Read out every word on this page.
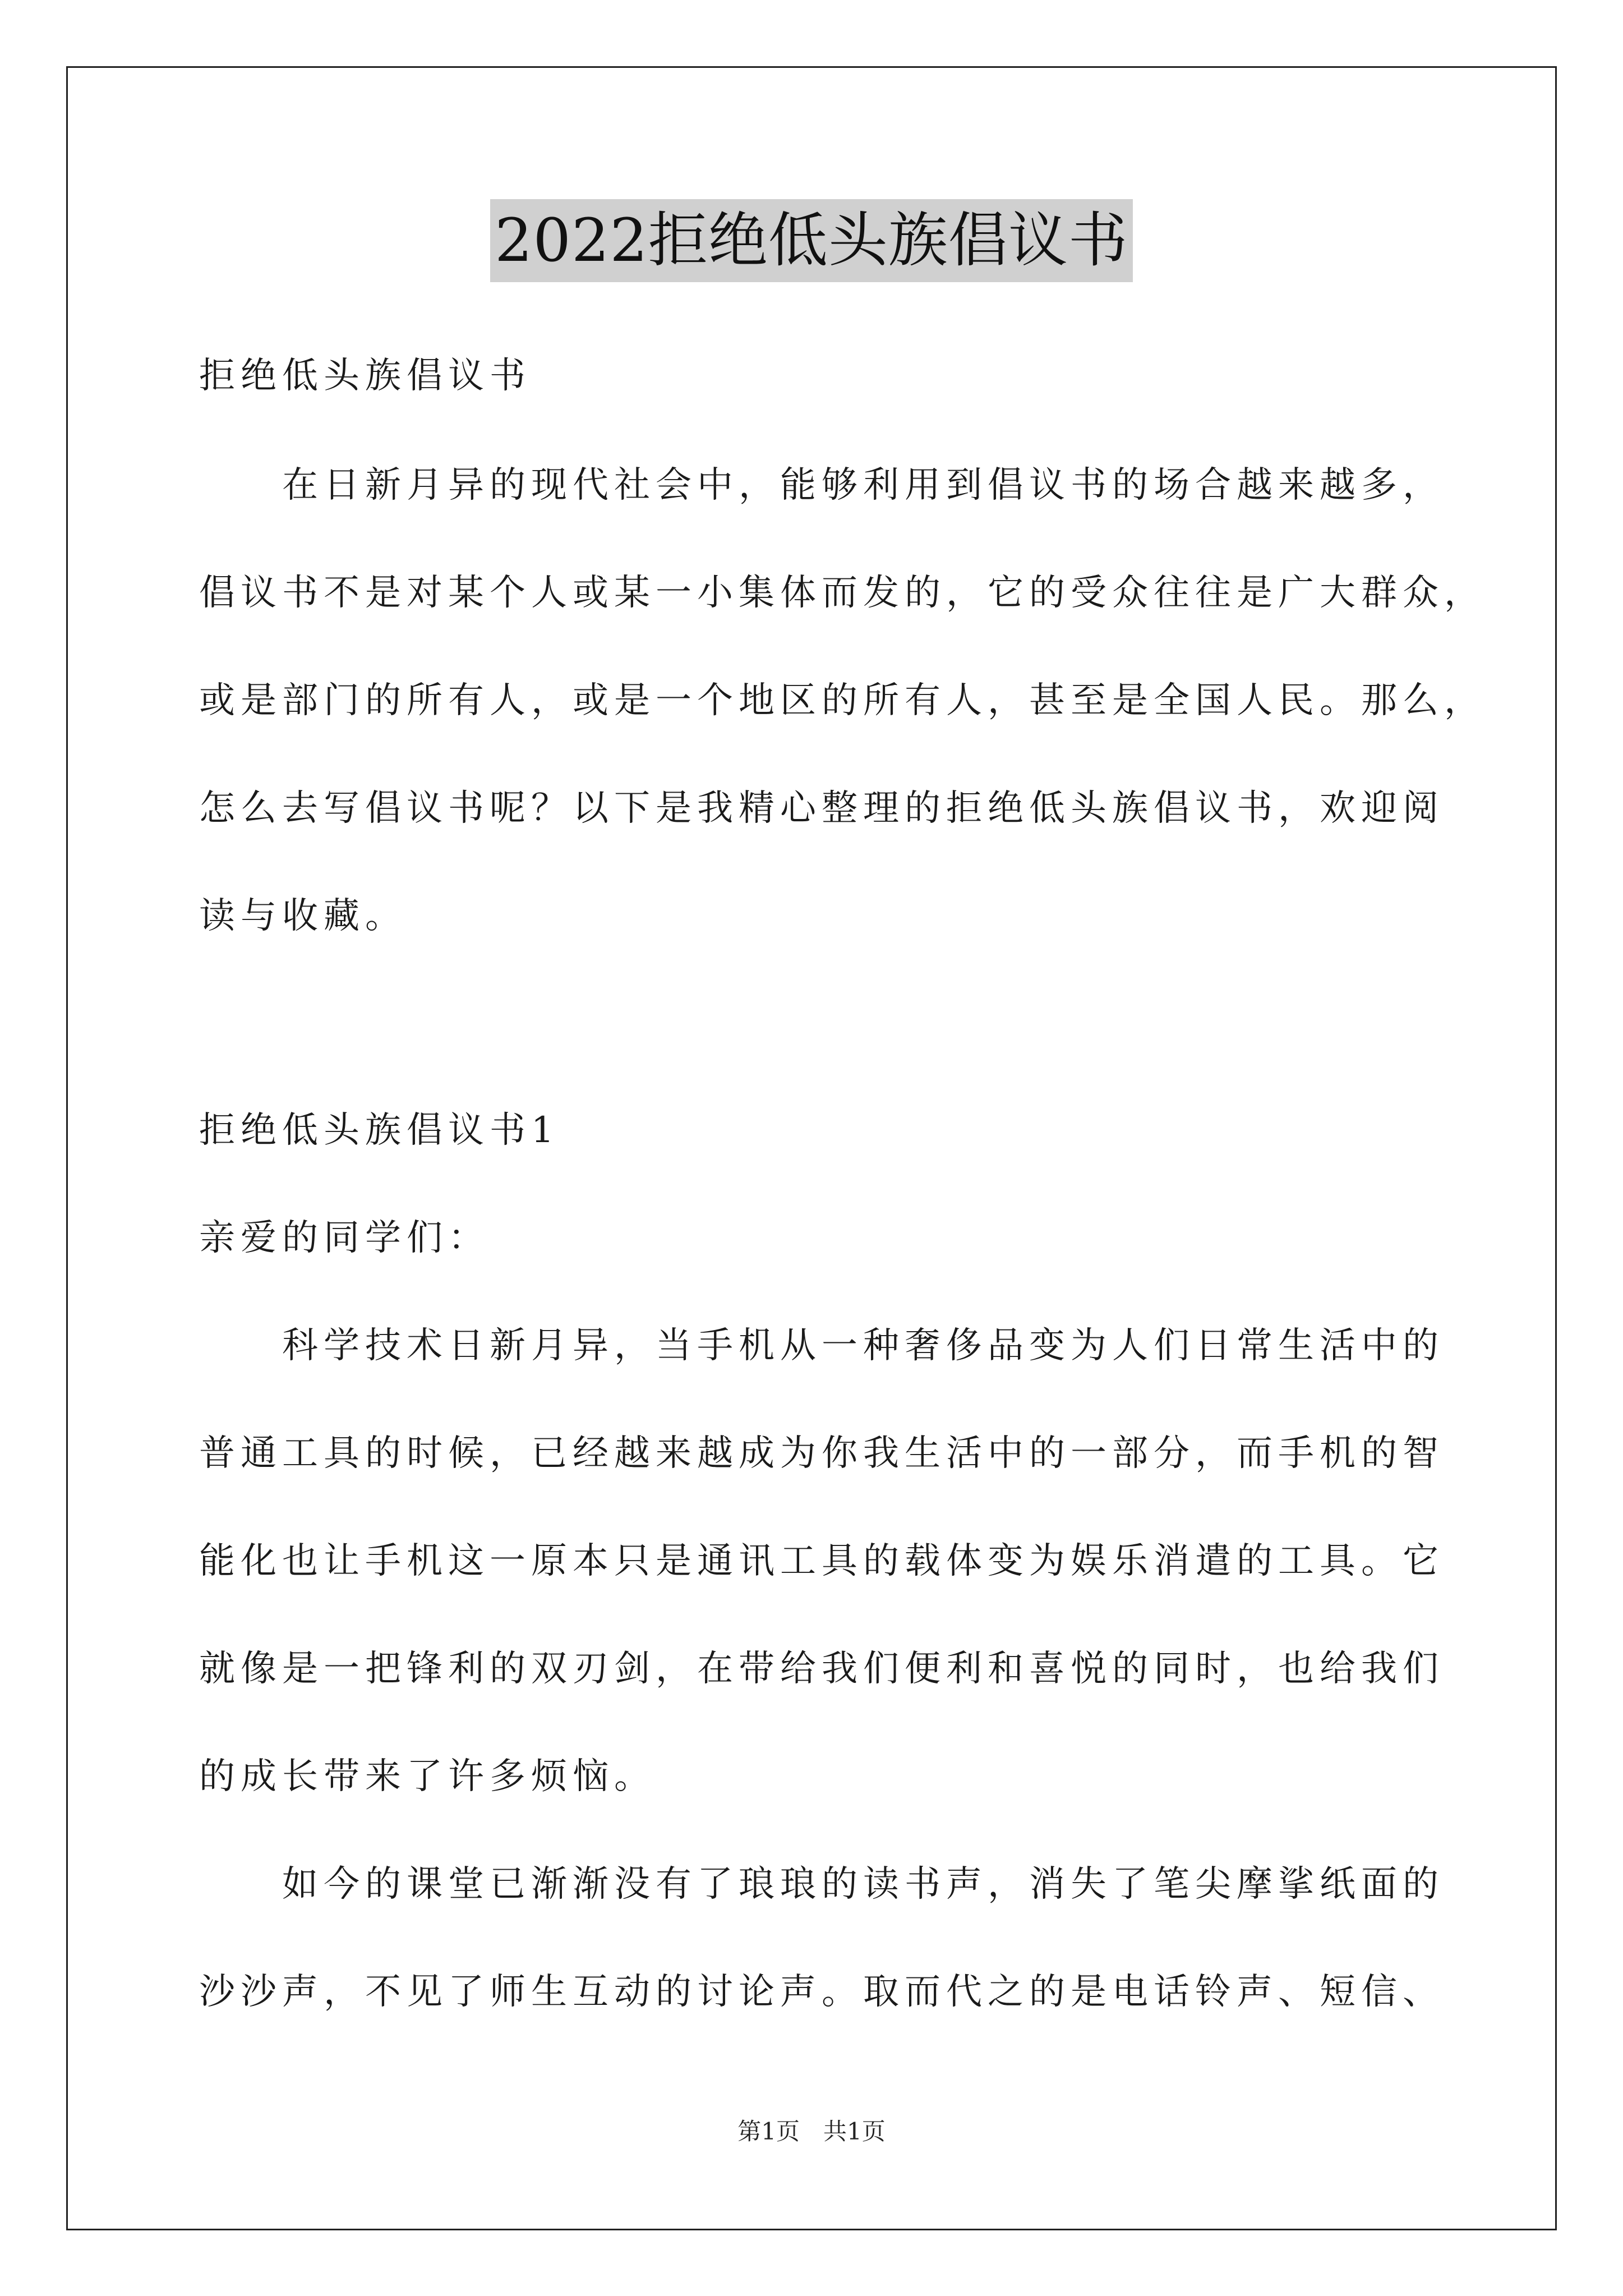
2022拒绝低头族倡议书
拒绝低头族倡议书
　　在日新月异的现代社会中，能够利用到倡议书的场合越来越多，
倡议书不是对某个人或某一小集体而发的，它的受众往往是广大群众，
或是部门的所有人，或是一个地区的所有人，甚至是全国人民。那么，
怎么去写倡议书呢？以下是我精心整理的拒绝低头族倡议书，欢迎阅
读与收藏。
拒绝低头族倡议书1
亲爱的同学们：
　　科学技术日新月异，当手机从一种奢侈品变为人们日常生活中的
普通工具的时候，已经越来越成为你我生活中的一部分，而手机的智
能化也让手机这一原本只是通讯工具的载体变为娱乐消遣的工具。它
就像是一把锋利的双刃剑，在带给我们便利和喜悦的同时，也给我们
的成长带来了许多烦恼。
　　如今的课堂已渐渐没有了琅琅的读书声，消失了笔尖摩挲纸面的
沙沙声，不见了师生互动的讨论声。取而代之的是电话铃声、短信、
第1页　共1页
